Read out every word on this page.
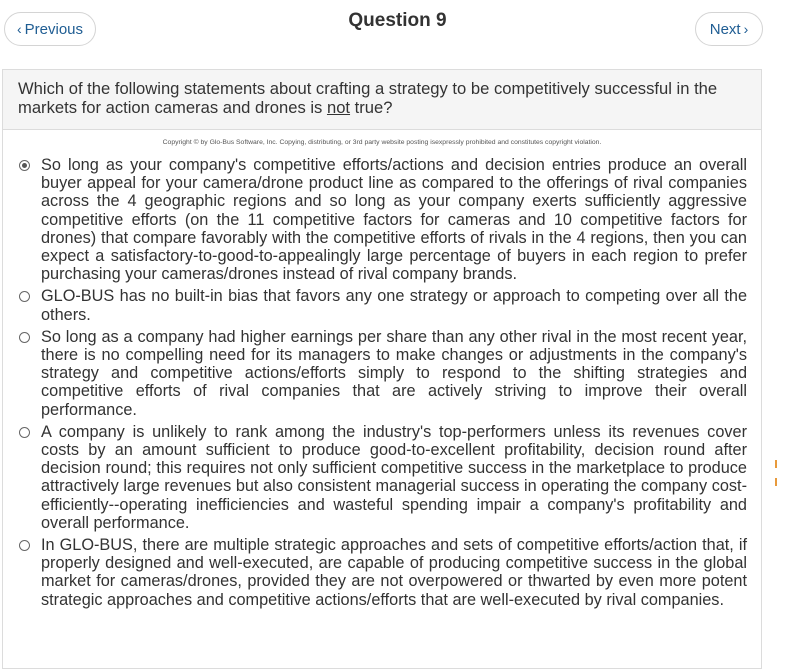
‹ Previous	Question 9	Next ›
Which of the following statements about crafting a strategy to be competitively successful in the markets for action cameras and drones is not true?
Copyright © by Glo-Bus Software, Inc. Copying, distributing, or 3rd party website posting isexpressly prohibited and constitutes copyright violation.
So long as your company's competitive efforts/actions and decision entries produce an overall buyer appeal for your camera/drone product line as compared to the offerings of rival companies across the 4 geographic regions and so long as your company exerts sufficiently aggressive competitive efforts (on the 11 competitive factors for cameras and 10 competitive factors for drones) that compare favorably with the competitive efforts of rivals in the 4 regions, then you can expect a satisfactory-to-good-to-appealingly large percentage of buyers in each region to prefer purchasing your cameras/drones instead of rival company brands.
GLO-BUS has no built-in bias that favors any one strategy or approach to competing over all the others.
So long as a company had higher earnings per share than any other rival in the most recent year, there is no compelling need for its managers to make changes or adjustments in the company's strategy and competitive actions/efforts simply to respond to the shifting strategies and competitive efforts of rival companies that are actively striving to improve their overall performance.
A company is unlikely to rank among the industry's top-performers unless its revenues cover costs by an amount sufficient to produce good-to-excellent profitability, decision round after decision round; this requires not only sufficient competitive success in the marketplace to produce attractively large revenues but also consistent managerial success in operating the company cost-efficiently--operating inefficiencies and wasteful spending impair a company's profitability and overall performance.
In GLO-BUS, there are multiple strategic approaches and sets of competitive efforts/action that, if properly designed and well-executed, are capable of producing competitive success in the global market for cameras/drones, provided they are not overpowered or thwarted by even more potent strategic approaches and competitive actions/efforts that are well-executed by rival companies.
